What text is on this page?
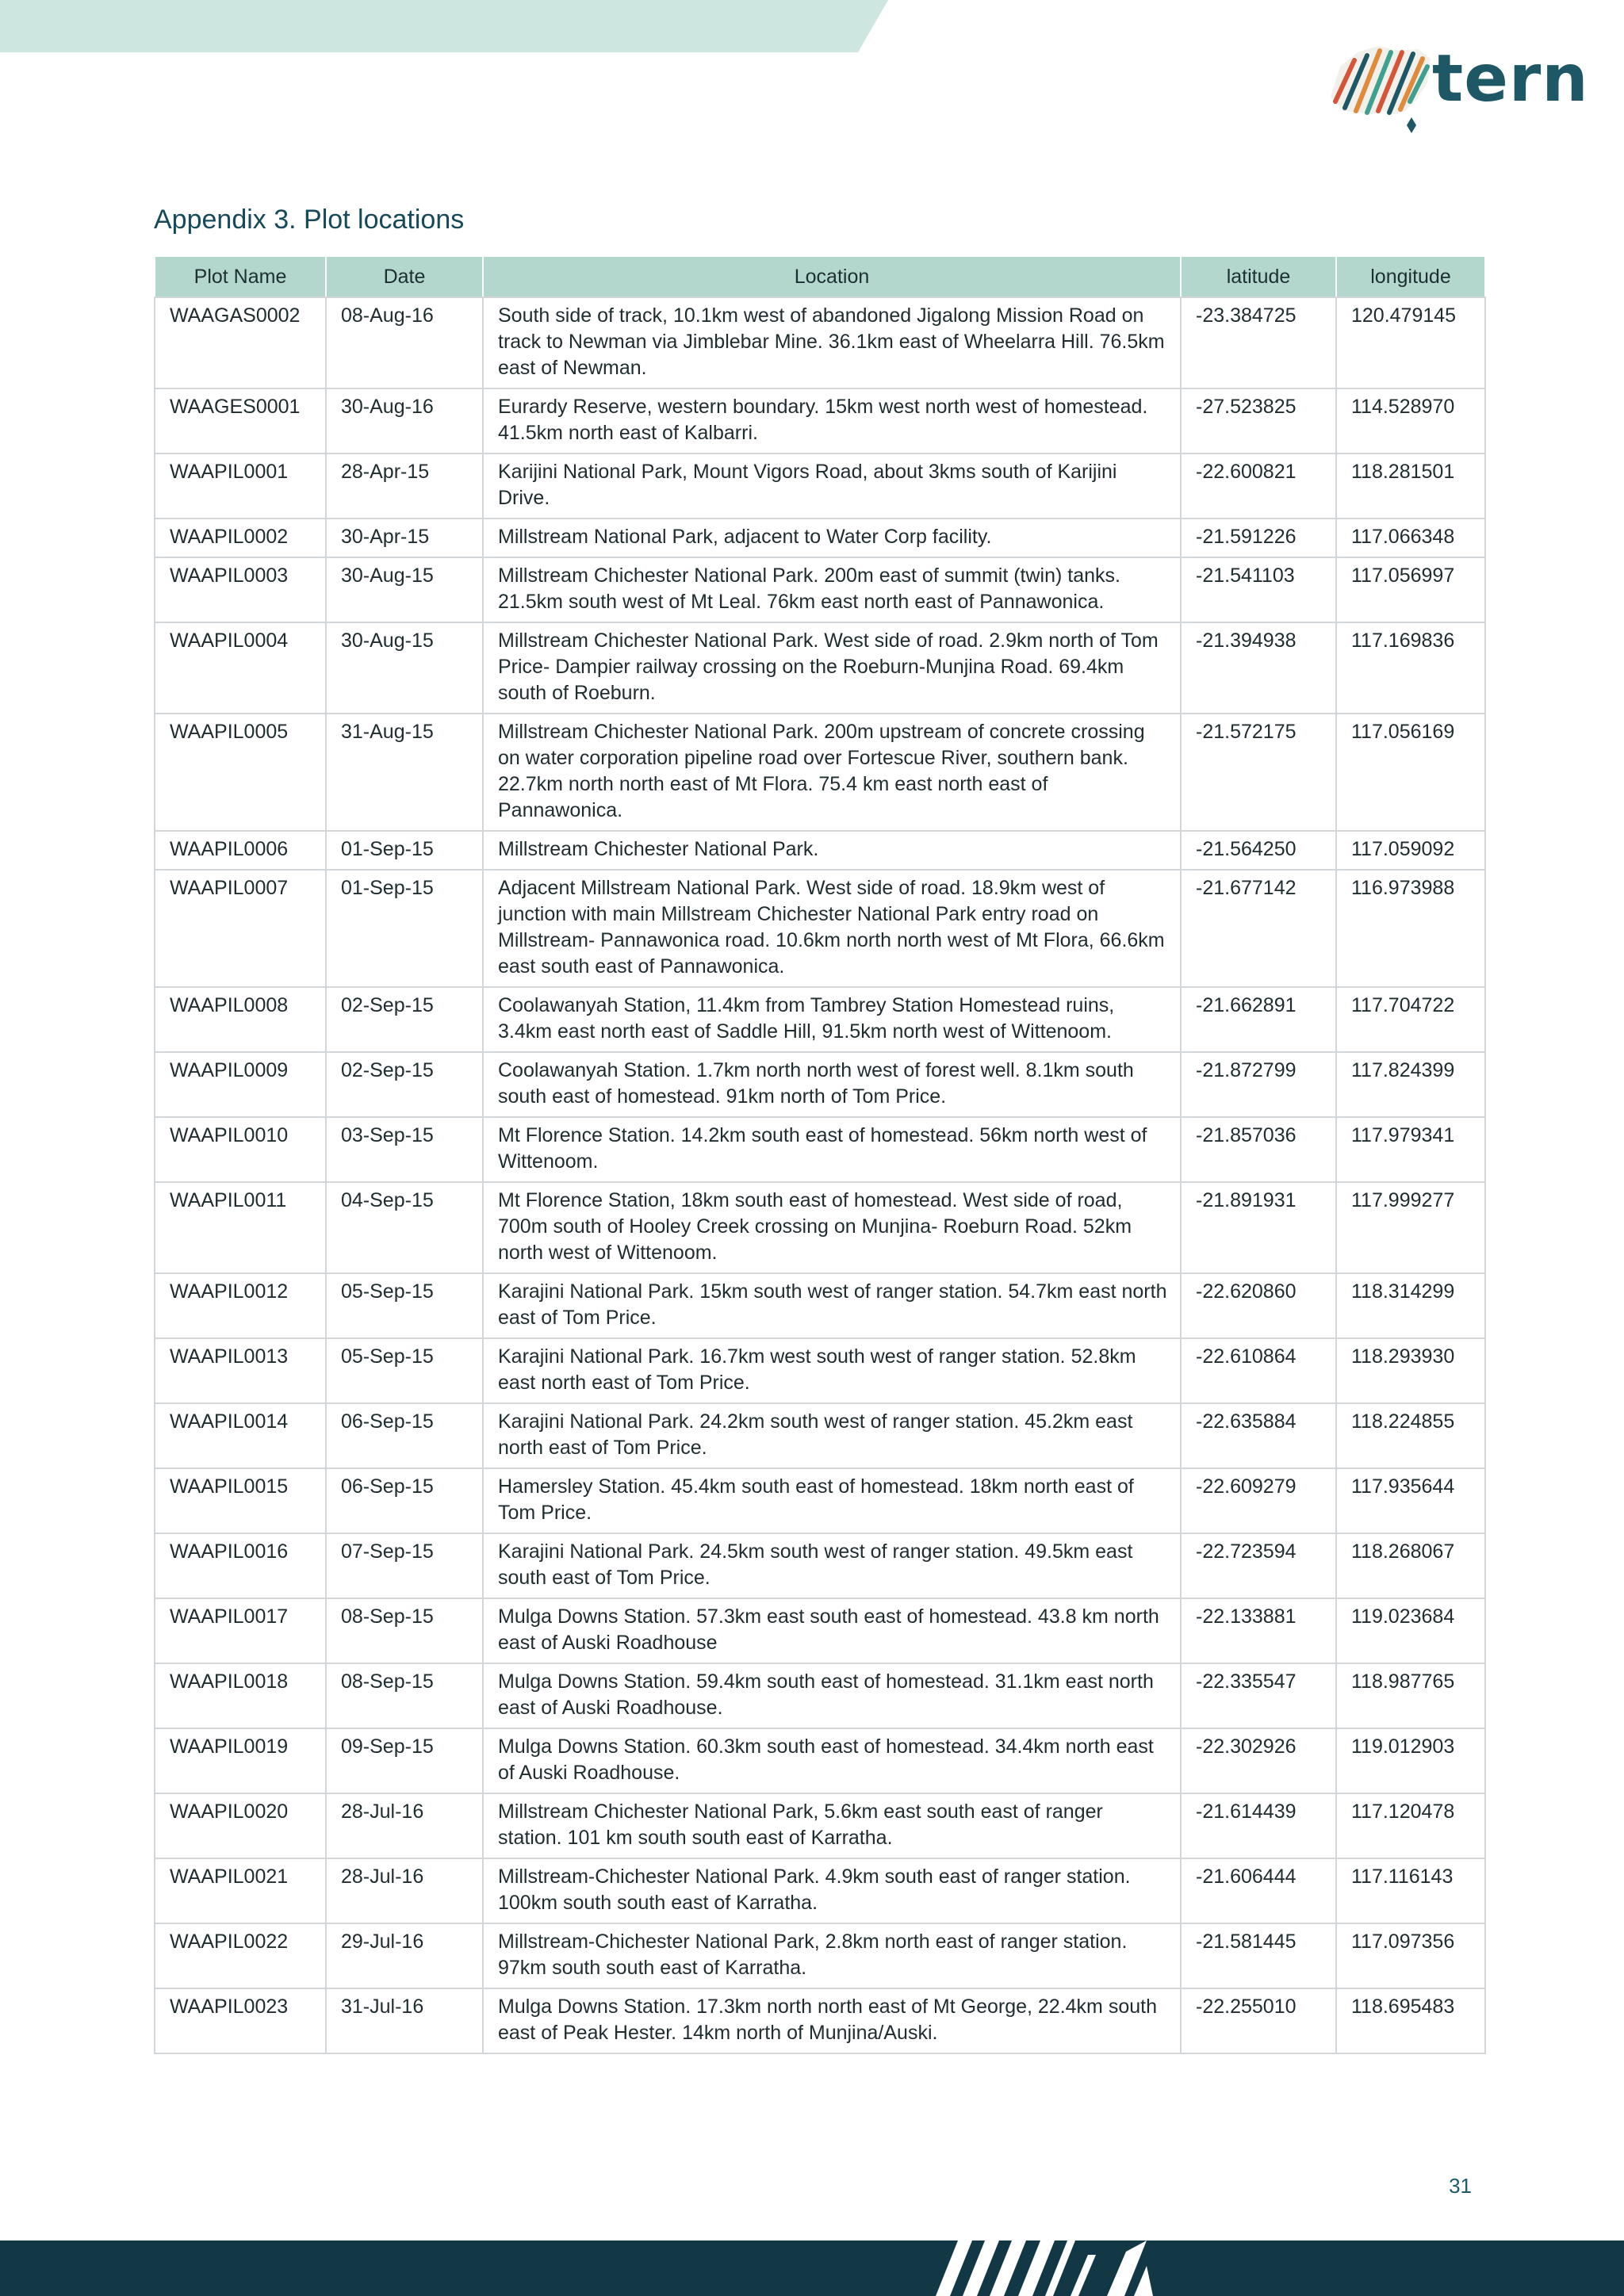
tern
Appendix 3. Plot locations
Plot Name	Date	Location	latitude	longitude
WAAGAS0002	08-Aug-16	South side of track, 10.1km west of abandoned Jigalong Mission Road on track to Newman via Jimblebar Mine. 36.1km east of Wheelarra Hill. 76.5km east of Newman.	-23.384725	120.479145
WAAGES0001	30-Aug-16	Eurardy Reserve, western boundary. 15km west north west of homestead. 41.5km north east of Kalbarri.	-27.523825	114.528970
WAAPIL0001	28-Apr-15	Karijini National Park, Mount Vigors Road, about 3kms south of Karijini Drive.	-22.600821	118.281501
WAAPIL0002	30-Apr-15	Millstream National Park, adjacent to Water Corp facility.	-21.591226	117.066348
WAAPIL0003	30-Aug-15	Millstream Chichester National Park. 200m east of summit (twin) tanks. 21.5km south west of Mt Leal. 76km east north east of Pannawonica.	-21.541103	117.056997
WAAPIL0004	30-Aug-15	Millstream Chichester National Park. West side of road. 2.9km north of Tom Price- Dampier railway crossing on the Roeburn-Munjina Road. 69.4km south of Roeburn.	-21.394938	117.169836
WAAPIL0005	31-Aug-15	Millstream Chichester National Park. 200m upstream of concrete crossing on water corporation pipeline road over Fortescue River, southern bank. 22.7km north north east of Mt Flora. 75.4 km east north east of Pannawonica.	-21.572175	117.056169
WAAPIL0006	01-Sep-15	Millstream Chichester National Park.	-21.564250	117.059092
WAAPIL0007	01-Sep-15	Adjacent Millstream National Park. West side of road. 18.9km west of junction with main Millstream Chichester National Park entry road on Millstream- Pannawonica road. 10.6km north north west of Mt Flora, 66.6km east south east of Pannawonica.	-21.677142	116.973988
WAAPIL0008	02-Sep-15	Coolawanyah Station, 11.4km from Tambrey Station Homestead ruins, 3.4km east north east of Saddle Hill, 91.5km north west of Wittenoom.	-21.662891	117.704722
WAAPIL0009	02-Sep-15	Coolawanyah Station. 1.7km north north west of forest well. 8.1km south south east of homestead. 91km north of Tom Price.	-21.872799	117.824399
WAAPIL0010	03-Sep-15	Mt Florence Station. 14.2km south east of homestead. 56km north west of Wittenoom.	-21.857036	117.979341
WAAPIL0011	04-Sep-15	Mt Florence Station, 18km south east of homestead. West side of road, 700m south of Hooley Creek crossing on Munjina- Roeburn Road. 52km north west of Wittenoom.	-21.891931	117.999277
WAAPIL0012	05-Sep-15	Karajini National Park. 15km south west of ranger station. 54.7km east north east of Tom Price.	-22.620860	118.314299
WAAPIL0013	05-Sep-15	Karajini National Park. 16.7km west south west of ranger station. 52.8km east north east of Tom Price.	-22.610864	118.293930
WAAPIL0014	06-Sep-15	Karajini National Park. 24.2km south west of ranger station. 45.2km east north east of Tom Price.	-22.635884	118.224855
WAAPIL0015	06-Sep-15	Hamersley Station. 45.4km south east of homestead. 18km north east of Tom Price.	-22.609279	117.935644
WAAPIL0016	07-Sep-15	Karajini National Park. 24.5km south west of ranger station. 49.5km east south east of Tom Price.	-22.723594	118.268067
WAAPIL0017	08-Sep-15	Mulga Downs Station. 57.3km east south east of homestead. 43.8 km north east of Auski Roadhouse	-22.133881	119.023684
WAAPIL0018	08-Sep-15	Mulga Downs Station. 59.4km south east of homestead. 31.1km east north east of Auski Roadhouse.	-22.335547	118.987765
WAAPIL0019	09-Sep-15	Mulga Downs Station. 60.3km south east of homestead. 34.4km north east of Auski Roadhouse.	-22.302926	119.012903
WAAPIL0020	28-Jul-16	Millstream Chichester National Park, 5.6km east south east of ranger station. 101 km south south east of Karratha.	-21.614439	117.120478
WAAPIL0021	28-Jul-16	Millstream-Chichester National Park. 4.9km south east of ranger station. 100km south south east of Karratha.	-21.606444	117.116143
WAAPIL0022	29-Jul-16	Millstream-Chichester National Park, 2.8km north east of ranger station. 97km south south east of Karratha.	-21.581445	117.097356
WAAPIL0023	31-Jul-16	Mulga Downs Station. 17.3km north north east of Mt George, 22.4km south east of Peak Hester. 14km north of Munjina/Auski.	-22.255010	118.695483
31
